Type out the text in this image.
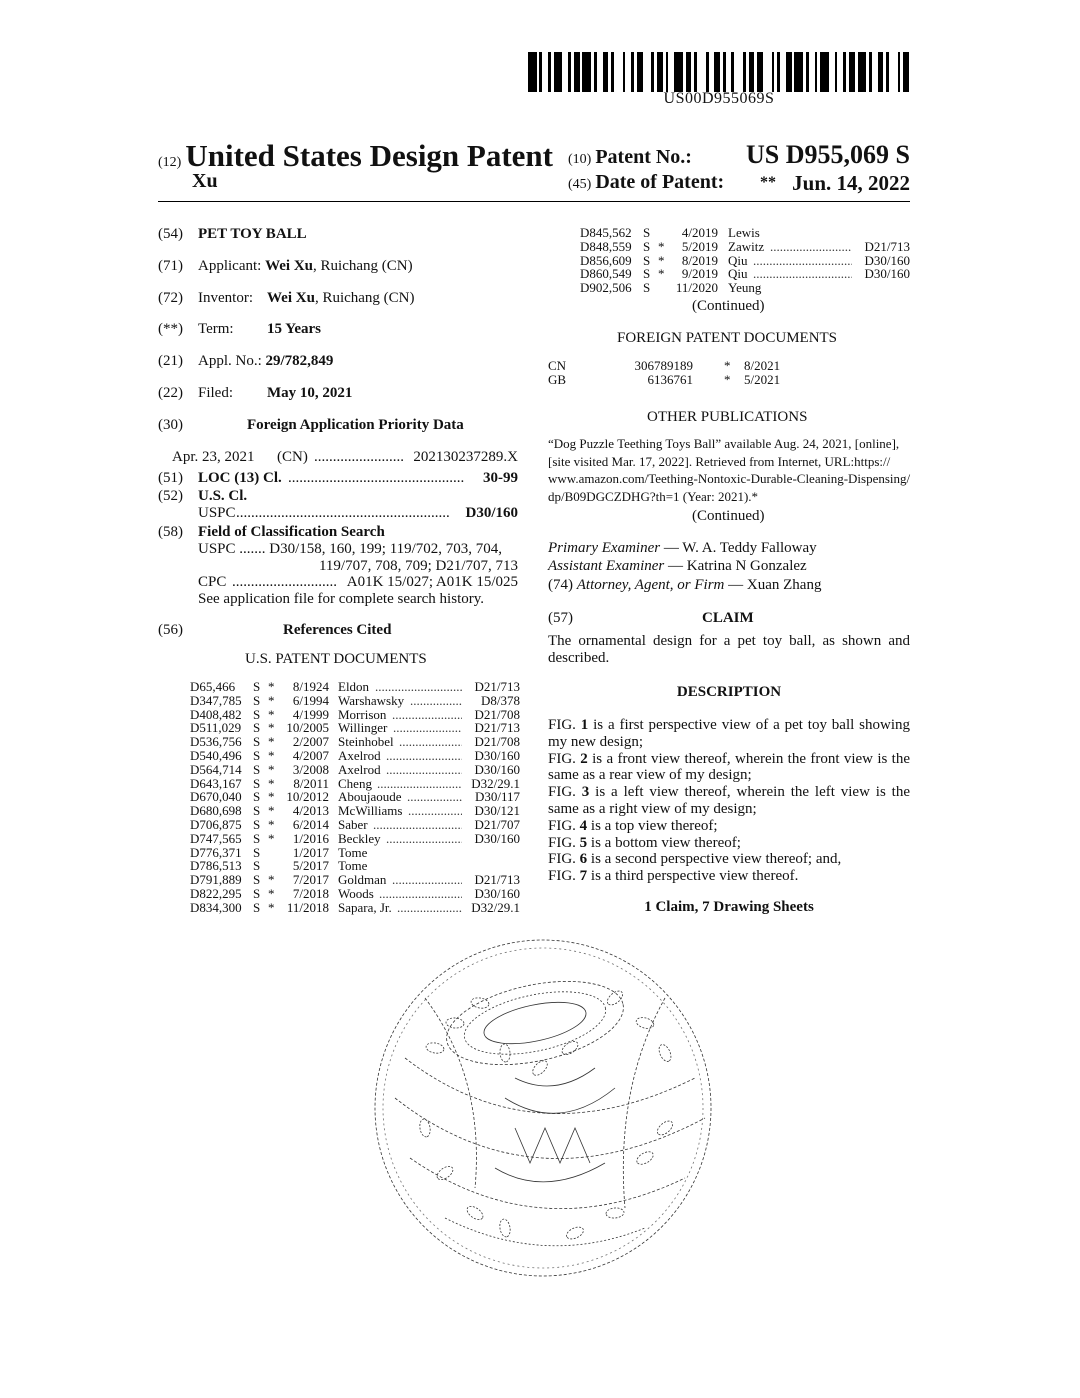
US00D955069S
(12) United States Design Patent
Xu
(10) Patent No.: US D955,069 S
(45) Date of Patent: ** Jun. 14, 2022
(54) PET TOY BALL
(71) Applicant: Wei Xu, Ruichang (CN)
(72) Inventor: Wei Xu, Ruichang (CN)
(**) Term: 15 Years
(21) Appl. No.: 29/782,849
(22) Filed: May 10, 2021
(30)	Foreign Application Priority Data
Apr. 23, 2021 (CN) ........................ 202130237289.X
(51) LOC (13) Cl. ............................................... 30-99
(52) U.S. Cl.
USPC ......................................................... D30/160
(58) Field of Classification Search
USPC ....... D30/158, 160, 199; 119/702, 703, 704,
119/707, 708, 709; D21/707, 713
CPC ............................ A01K 15/027; A01K 15/025
See application file for complete search history.
(56)	References Cited
U.S. PATENT DOCUMENTS
D65,466	S *	8/1924 Eldon .....	D21/713
D347,785 S *	6/1994 Warshawsky .....	D8/378
D408,482 S *	4/1999 Morrison .....	D21/708
D511,029 S * 10/2005 Willinger .....	D21/713
D536,756 S *	2/2007 Steinhobel .....	D21/708
D540,496 S *	4/2007 Axelrod .....	D30/160
D564,714 S *	3/2008 Axelrod .....	D30/160
D643,167 S *	8/2011 Cheng .....	D32/29.1
D670,040 S * 10/2012 Aboujaoude .....	D30/117
D680,698 S *	4/2013 McWilliams .....	D30/121
D706,875 S *	6/2014 Saber .....	D21/707
D747,565 S *	1/2016 Beckley .....	D30/160
D776,371 S	1/2017 Tome
D786,513 S	5/2017 Tome
D791,889 S *	7/2017 Goldman .....	D21/713
D822,295 S *	7/2018 Woods .....	D30/160
D834,300 S * 11/2018 Sapara, Jr. .....	D32/29.1
D845,562 S	4/2019 Lewis
D848,559 S *	5/2019 Zawitz .....	D21/713
D856,609 S *	8/2019 Qiu .....	D30/160
D860,549 S *	9/2019 Qiu .....	D30/160
D902,506 S 11/2020 Yeung
(Continued)
FOREIGN PATENT DOCUMENTS
CN	306789189 * 8/2021
GB	6136761 * 5/2021
OTHER PUBLICATIONS
“Dog Puzzle Teething Toys Ball” available Aug. 24, 2021, [online],
[site visited Mar. 17, 2022]. Retrieved from Internet, URL:https://
www.amazon.com/Teething-Nontoxic-Durable-Cleaning-Dispensing/
dp/B09DGCZDHG?th=1 (Year: 2021).*
(Continued)
Primary Examiner — W. A. Teddy Falloway
Assistant Examiner — Katrina N Gonzalez
(74) Attorney, Agent, or Firm — Xuan Zhang
(57)	CLAIM
The ornamental design for a pet toy ball, as shown and described.
DESCRIPTION
FIG. 1 is a first perspective view of a pet toy ball showing my new design;
FIG. 2 is a front view thereof, wherein the front view is the same as a rear view of my design;
FIG. 3 is a left view thereof, wherein the left view is the same as a right view of my design;
FIG. 4 is a top view thereof;
FIG. 5 is a bottom view thereof;
FIG. 6 is a second perspective view thereof; and,
FIG. 7 is a third perspective view thereof.
1 Claim, 7 Drawing Sheets
